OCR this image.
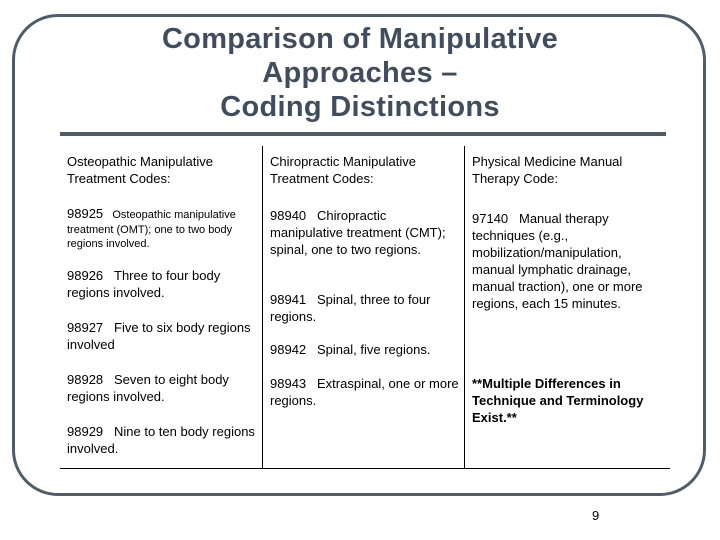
Comparison of Manipulative
Approaches –
Coding Distinctions
Osteopathic Manipulative Treatment Codes:
98925 Osteopathic manipulative treatment (OMT); one to two body regions involved.
98926 Three to four body regions involved.
98927 Five to six body regions involved
98928 Seven to eight body regions involved.
98929 Nine to ten body regions involved.
Chiropractic Manipulative Treatment Codes:
98940 Chiropractic manipulative treatment (CMT); spinal, one to two regions.
98941 Spinal, three to four regions.
98942 Spinal, five regions.
98943 Extraspinal, one or more regions.
Physical Medicine Manual Therapy Code:
97140 Manual therapy techniques (e.g., mobilization/manipulation, manual lymphatic drainage, manual traction), one or more regions, each 15 minutes.
**Multiple Differences in Technique and Terminology Exist.**
9
